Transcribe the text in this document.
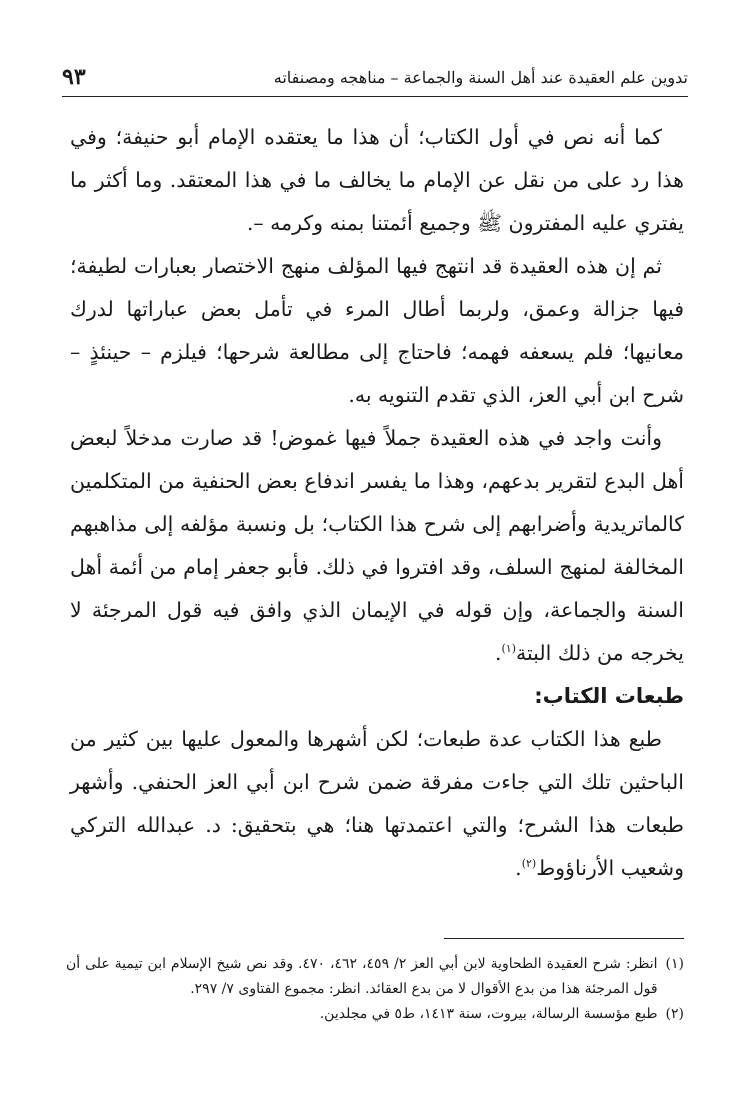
تدوين علم العقيدة عند أهل السنة والجماعة – مناهجه ومصنفاته
٩٣

كما أنه نص في أول الكتاب؛ أن هذا ما يعتقده الإمام أبو حنيفة؛ وفي هذا رد على من نقل عن الإمام ما يخالف ما في هذا المعتقد. وما أكثر ما يفتري عليه المفترون ﷺ وجميع أئمتنا بمنه وكرمه –.

ثم إن هذه العقيدة قد انتهج فيها المؤلف منهج الاختصار بعبارات لطيفة؛ فيها جزالة وعمق، ولربما أطال المرء في تأمل بعض عباراتها لدرك معانيها؛ فلم يسعفه فهمه؛ فاحتاج إلى مطالعة شرحها؛ فيلزم – حينئذٍ – شرح ابن أبي العز، الذي تقدم التنويه به.

وأنت واجد في هذه العقيدة جملاً فيها غموض! قد صارت مدخلاً لبعض أهل البدع لتقرير بدعهم، وهذا ما يفسر اندفاع بعض الحنفية من المتكلمين كالماتريدية وأضرابهم إلى شرح هذا الكتاب؛ بل ونسبة مؤلفه إلى مذاهبهم المخالفة لمنهج السلف، وقد افتروا في ذلك. فأبو جعفر إمام من أئمة أهل السنة والجماعة، وإن قوله في الإيمان الذي وافق فيه قول المرجئة لا يخرجه من ذلك البتة$^{(١)}$.

طبعات الكتاب:

طبع هذا الكتاب عدة طبعات؛ لكن أشهرها والمعول عليها بين كثير من الباحثين تلك التي جاءت مفرقة ضمن شرح ابن أبي العز الحنفي. وأشهر طبعات هذا الشرح؛ والتي اعتمدتها هنا؛ هي بتحقيق: د. عبدالله التركي وشعيب الأرناؤوط$^{(٢)}$.

(١)
انظر: شرح العقيدة الطحاوية لابن أبي العز ٢/ ٤٥٩، ٤٦٢، ٤٧٠. وقد نص شيخ الإسلام ابن تيمية على أن قول المرجئة هذا من بدع الأقوال لا من بدع العقائد. انظر: مجموع الفتاوى ٧/ ٢٩٧.
(٢)
طبع مؤسسة الرسالة، بيروت، سنة ١٤١٣، ط٥ في مجلدين.
